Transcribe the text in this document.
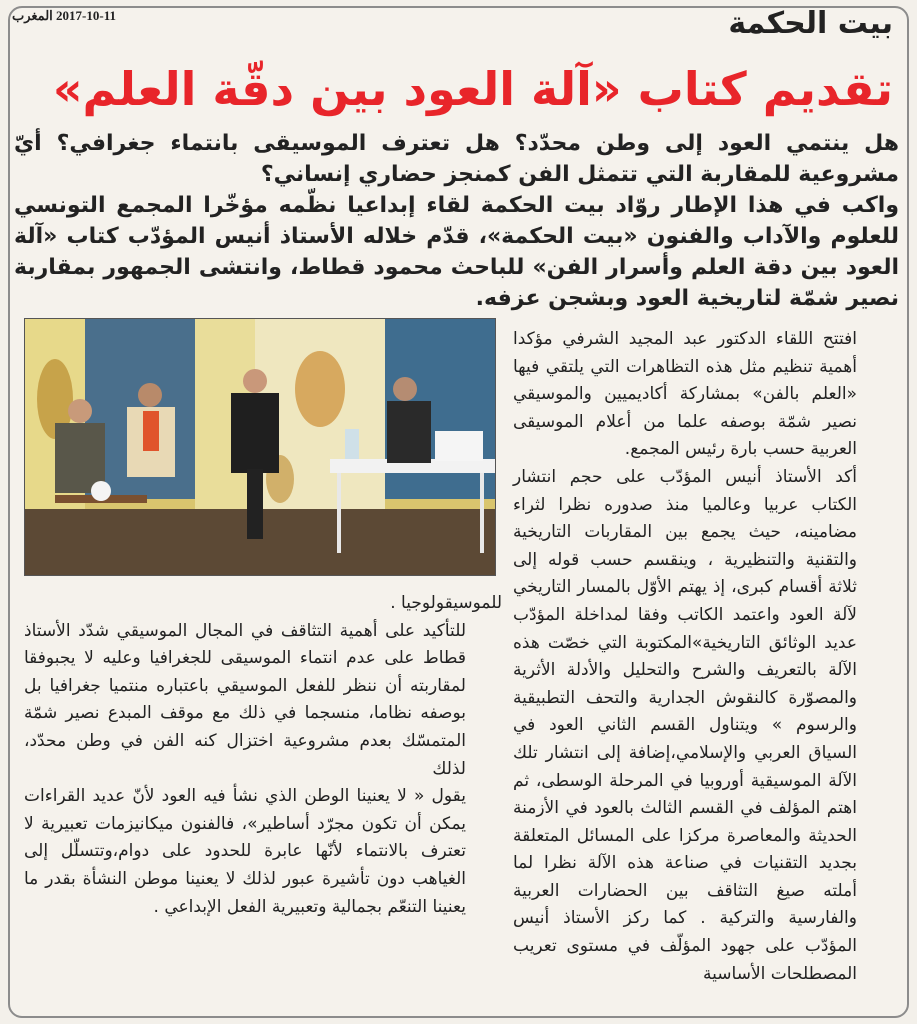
2017-10-11 المغرب	بيت الحكمة
تقديم كتاب «آلة العود بين دقّة العلم»

هل ينتمي العود إلى وطن محدّد؟ هل تعترف الموسيقى بانتماء جغرافي؟ أيّ مشروعية للمقاربة التي تتمثل الفن كمنجز حضاري إنساني؟

واكب في هذا الإطار روّاد بيت الحكمة لقاء إبداعيا نظّمه مؤخّرا المجمع التونسي للعلوم والآداب والفنون «بيت الحكمة»، قدّم خلاله الأستاذ أنيس المؤدّب كتاب «آلة العود بين دقة العلم وأسرار الفن» للباحث محمود قطاط، وانتشى الجمهور بمقاربة نصير شمّة لتاريخية العود وبشجن عزفه.

افتتح اللقاء الدكتور عبد المجيد الشرفي مؤكدا أهمية تنظيم مثل هذه التظاهرات التي يلتقي فيها «العلم بالفن» بمشاركة أكاديميين والموسيقي نصير شمّة بوصفه علما من أعلام الموسيقى العربية حسب بارة رئيس المجمع.

أكد الأستاذ أنيس المؤدّب على حجم انتشار الكتاب عربيا وعالميا منذ صدوره نظرا لثراء مضامينه، حيث يجمع بين المقاربات التاريخية والتقنية والتنظيرية ، وينقسم حسب قوله إلى ثلاثة أقسام كبرى، إذ يهتم الأوّل بالمسار التاريخي لآلة العود واعتمد الكاتب وفقا لمداخلة المؤدّب عديد الوثائق التاريخية»المكتوبة التي خصّت هذه الآلة بالتعريف والشرح والتحليل والأدلة الأثرية والمصوّرة كالنقوش الجدارية والتحف التطبيقية والرسوم » ويتناول القسم الثاني العود في السياق العربي والإسلامي،إضافة إلى انتشار تلك الآلة الموسيقية أوروبيا في المرحلة الوسطى، ثم اهتم المؤلف في القسم الثالث بالعود في الأزمنة الحديثة والمعاصرة مركزا على المسائل المتعلقة بجديد التقنيات في صناعة هذه الآلة نظرا لما أملته صيغ التثاقف بين الحضارات العربية والفارسية والتركية . كما ركز الأستاذ أنيس المؤدّب على جهود المؤلّف في مستوى تعريب المصطلحات الأساسية

للموسيقولوجيا .

للتأكيد على أهمية التثاقف في المجال الموسيقي شدّد الأستاذ قطاط على عدم انتماء الموسيقى للجغرافيا وعليه لا يجبوفقا لمقاربته أن ننظر للفعل الموسيقي باعتباره منتميا جغرافيا بل بوصفه نظاما، منسجما في ذلك مع موقف المبدع نصير شمّة المتمسّك بعدم مشروعية اختزال كنه الفن في وطن محدّد، لذلك

يقول « لا يعنينا الوطن الذي نشأ فيه العود لأنّ عديد القراءات يمكن أن تكون مجرّد أساطير»، فالفنون ميكانيزمات تعبيرية لا تعترف بالانتماء لأنّها عابرة للحدود على دوام،وتتسلّل إلى الغياهب دون تأشيرة عبور لذلك لا يعنينا موطن النشأة بقدر ما يعنينا التنعّم بجمالية وتعبيرية الفعل الإبداعي .
